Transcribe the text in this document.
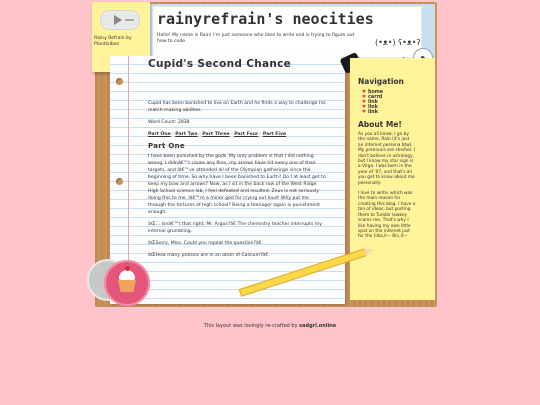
rainyrefrain's neocities

Hello! My name is Rain! I'm just someone who likes to write and is trying to figure out how to code.	(•ᴥ•) ʕ•ᴥ•ʔ
Rainy Refrain by Plantlvibes
Cupid's Second Chance

Cupid has been banished to live on Earth and he finds a way to challenge his match-making abilities.

Word Count: 2838

Part One - Part Two - Part Three - Part Four - Part Five

Part One

I have been punished by the gods. My only problem is that I did nothing wrong. I didnâ€™t cause any fires, my arrows have hit every one of their targets, and Iâ€™ve attended all of the Olympian gatherings since the beginning of time. So why have I been banished to Earth? Do I at least get to keep my bow and arrows? Now, as I sit in the back row of the West Ridge High School science lab, I feel defeated and insulted. Zeus is not seriously doing this to me. Iâ€™m a minor god for crying out loud! Why put me through the tortures of high school? Being a teenager again is punishment enough.

âŒ... Isnâ€™t that right, Mr. Argus?â€ The chemistry teacher interrupts my internal grumbling.

âŒSorry, Miss. Could you repeat the question?â€

âŒHow many protons are in an atom of Calcium?â€

Navigation
♥ home
♥ carrd
♥ link
♥ link
♥ link
About Me!

As you all know, I go by the name, Rain (it's just an internet persona btw). My pronouns are she/her. I don't believe in astrology, but I know my star sign is a Virgo. I was born in the year of '07, and that's all you get to know about me personally.

I love to write, which was the main reason for creating this blog. I have a ton of ideas, but posting them to Tumblr lowkey scares me. That's why I like having my own little spot on the internet just for the (lika,ll— B(c,ll—

This layout was lovingly re-crafted by sadgrl.online
